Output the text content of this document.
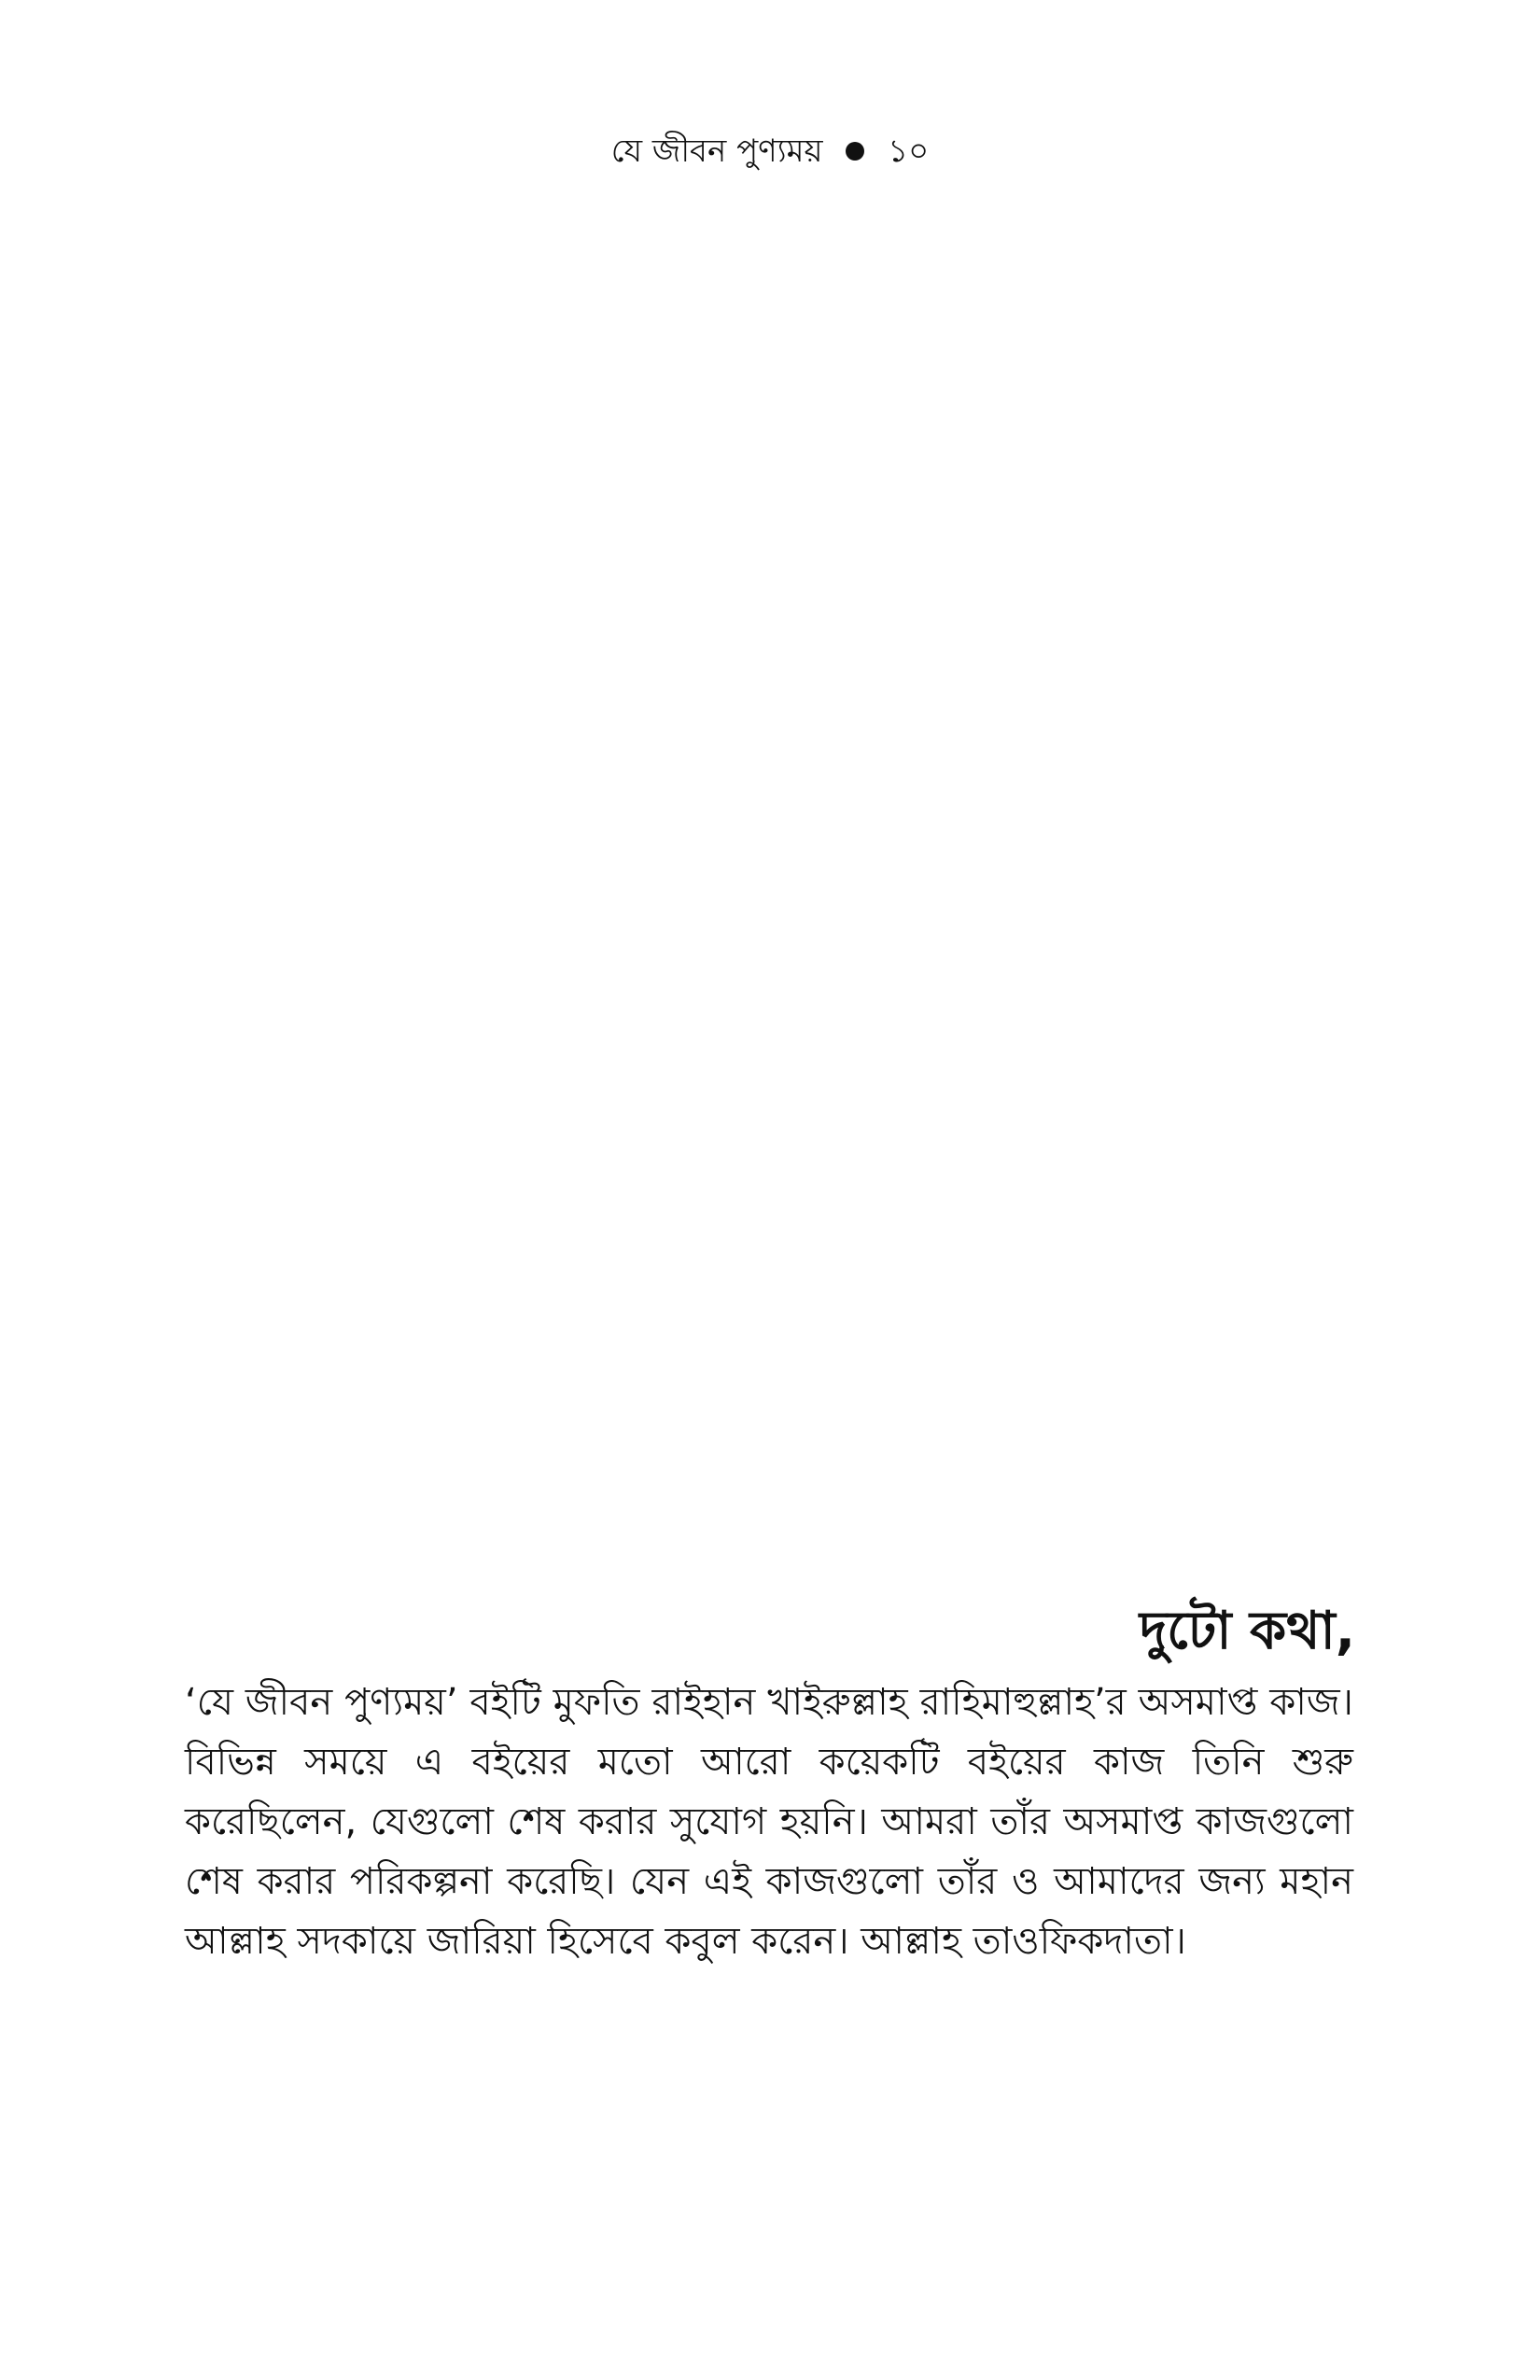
যে জীবন পুণ্যময় ১০
দুটো কথা,

‘যে জীবন পুণ্যময়’ বইটি মুফতি রাইহান খাইরুল্লাহ রাহিমাহুল্লাহ’র অসমাপ্ত কাজ। বিভিন্ন সময়ে এ বইয়ের মতো আরো কয়েকটি বইয়ের কাজ তিনি শুরু করেছিলেন, যেগুলো শেষ করার সুযোগ হয়নি। আমরা তাঁর অসমাপ্ত কাজগুলো শেষ করার পরিকল্পনা করেছি। যেন এই কাজগুলো তাঁর ও আমাদের জন্য মহান আল্লাহ সদকায়ে জারিয়া হিসেবে কবুল করেন। আল্লাহ তাওফিকদাতা।
